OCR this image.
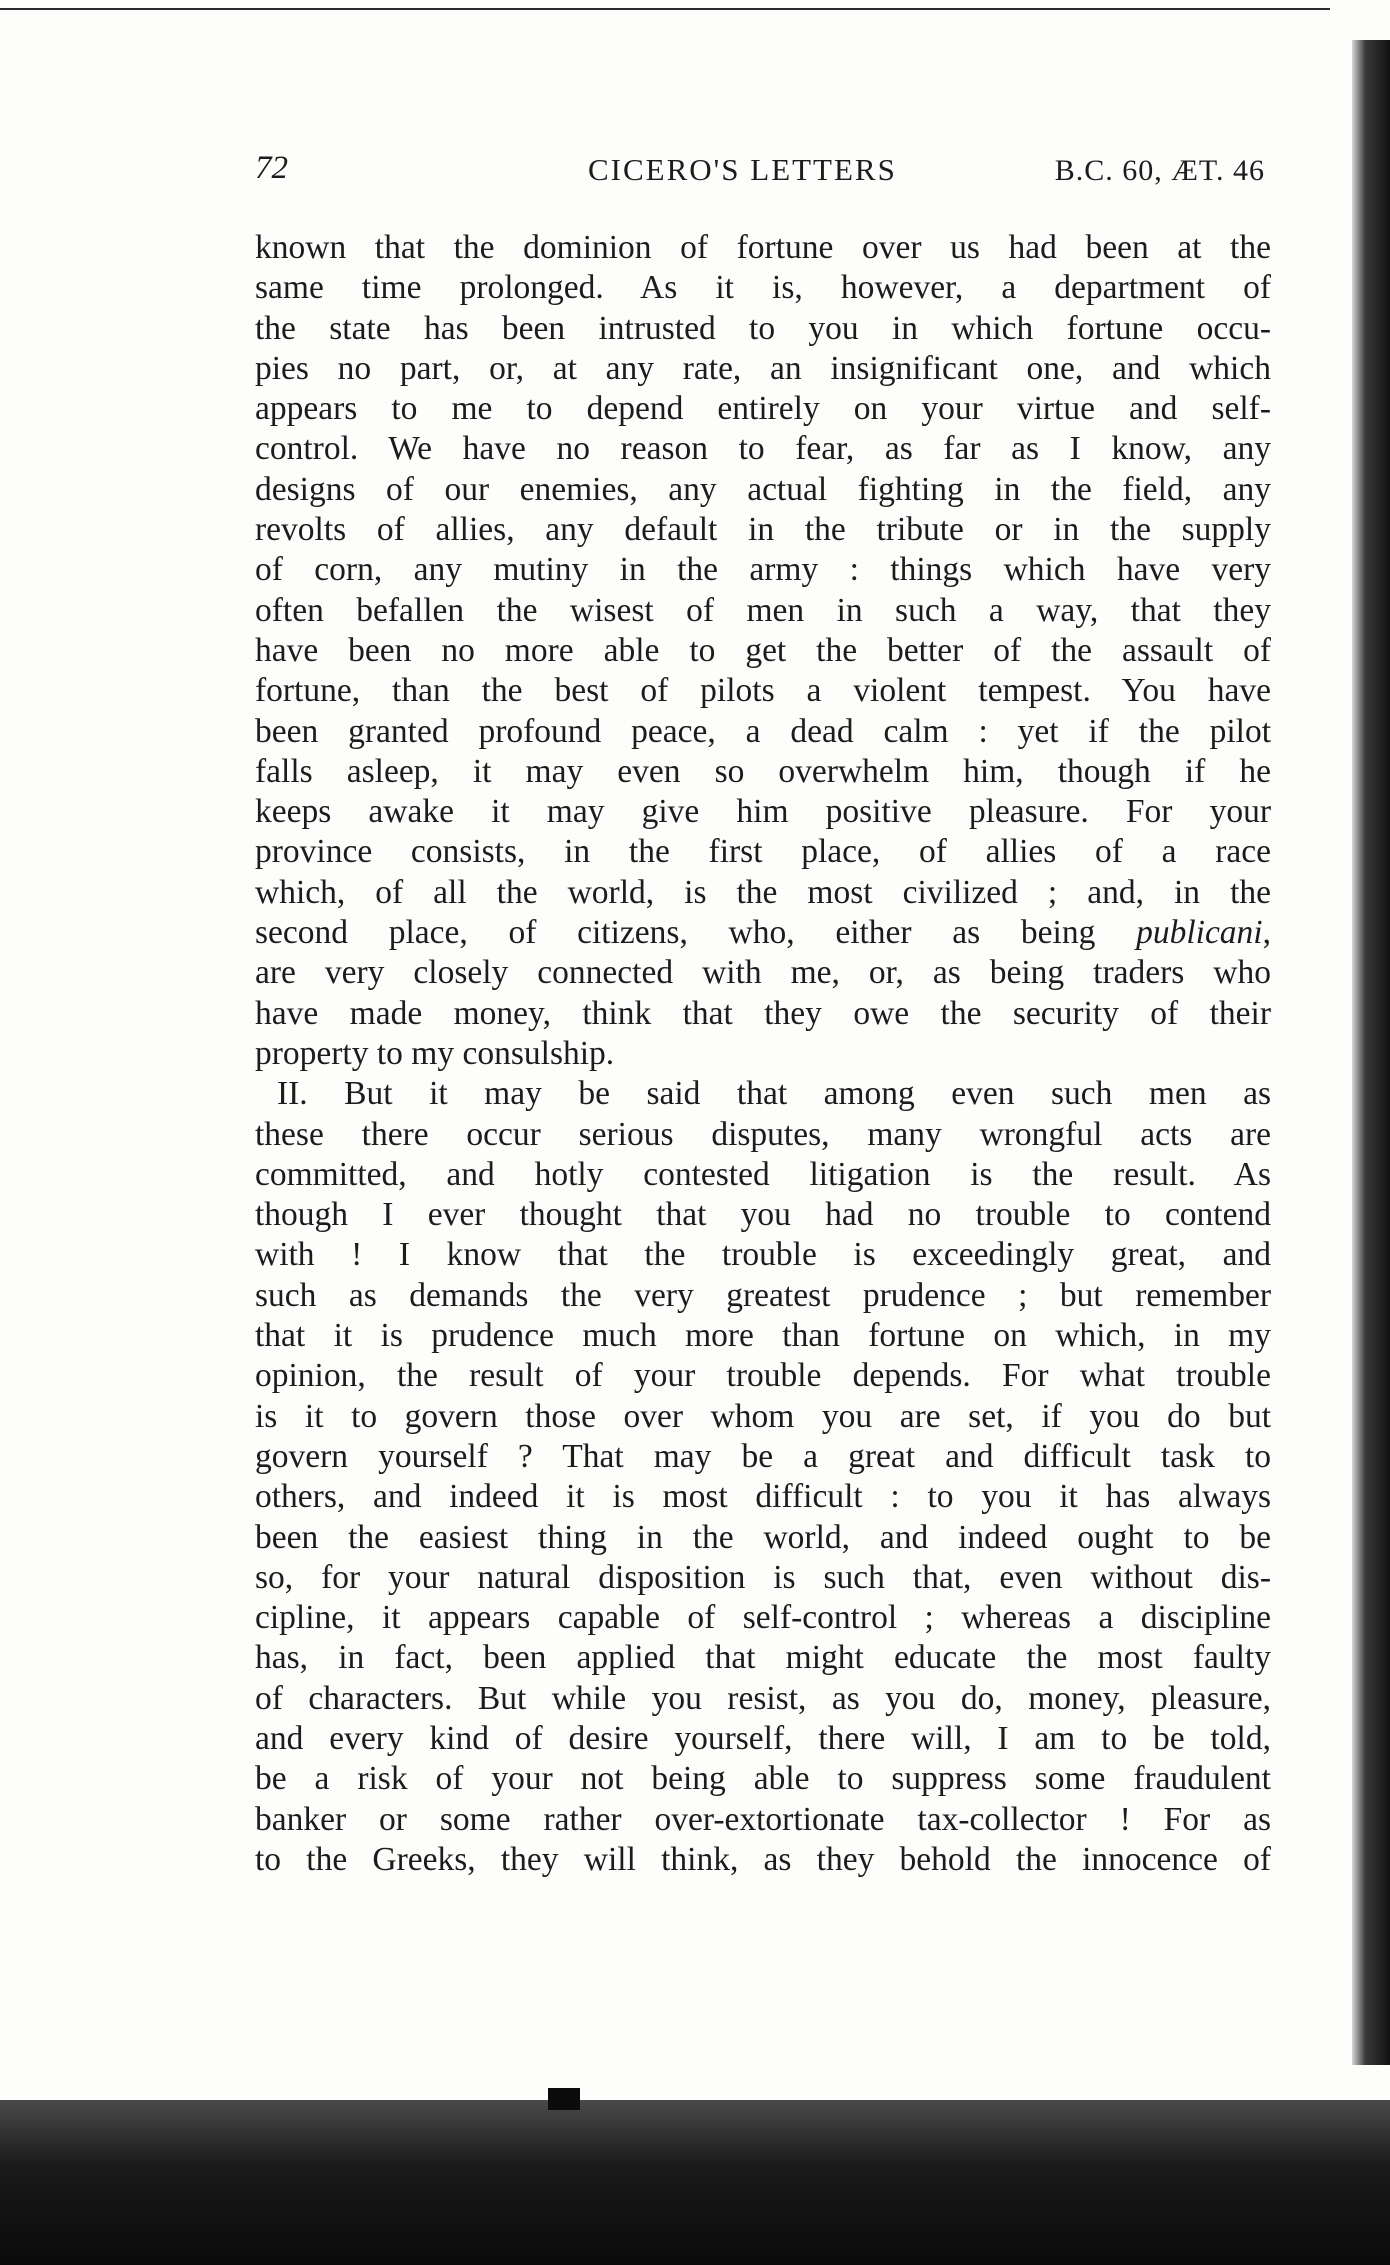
72	CICERO'S LETTERS	B.C. 60, ÆT. 46
known that the dominion of fortune over us had been at the
same time prolonged. As it is, however, a department of
the state has been intrusted to you in which fortune occu-
pies no part, or, at any rate, an insignificant one, and which
appears to me to depend entirely on your virtue and self-
control. We have no reason to fear, as far as I know, any
designs of our enemies, any actual fighting in the field, any
revolts of allies, any default in the tribute or in the supply
of corn, any mutiny in the army : things which have very
often befallen the wisest of men in such a way, that they
have been no more able to get the better of the assault of
fortune, than the best of pilots a violent tempest. You have
been granted profound peace, a dead calm : yet if the pilot
falls asleep, it may even so overwhelm him, though if he
keeps awake it may give him positive pleasure. For your
province consists, in the first place, of allies of a race
which, of all the world, is the most civilized ; and, in the
second place, of citizens, who, either as being publicani,
are very closely connected with me, or, as being traders who
have made money, think that they owe the security of their
property to my consulship.
II. But it may be said that among even such men as
these there occur serious disputes, many wrongful acts are
committed, and hotly contested litigation is the result. As
though I ever thought that you had no trouble to contend
with ! I know that the trouble is exceedingly great, and
such as demands the very greatest prudence ; but remember
that it is prudence much more than fortune on which, in my
opinion, the result of your trouble depends. For what trouble
is it to govern those over whom you are set, if you do but
govern yourself ? That may be a great and difficult task to
others, and indeed it is most difficult : to you it has always
been the easiest thing in the world, and indeed ought to be
so, for your natural disposition is such that, even without dis-
cipline, it appears capable of self-control ; whereas a discipline
has, in fact, been applied that might educate the most faulty
of characters. But while you resist, as you do, money, pleasure,
and every kind of desire yourself, there will, I am to be told,
be a risk of your not being able to suppress some fraudulent
banker or some rather over-extortionate tax-collector ! For as
to the Greeks, they will think, as they behold the innocence of
